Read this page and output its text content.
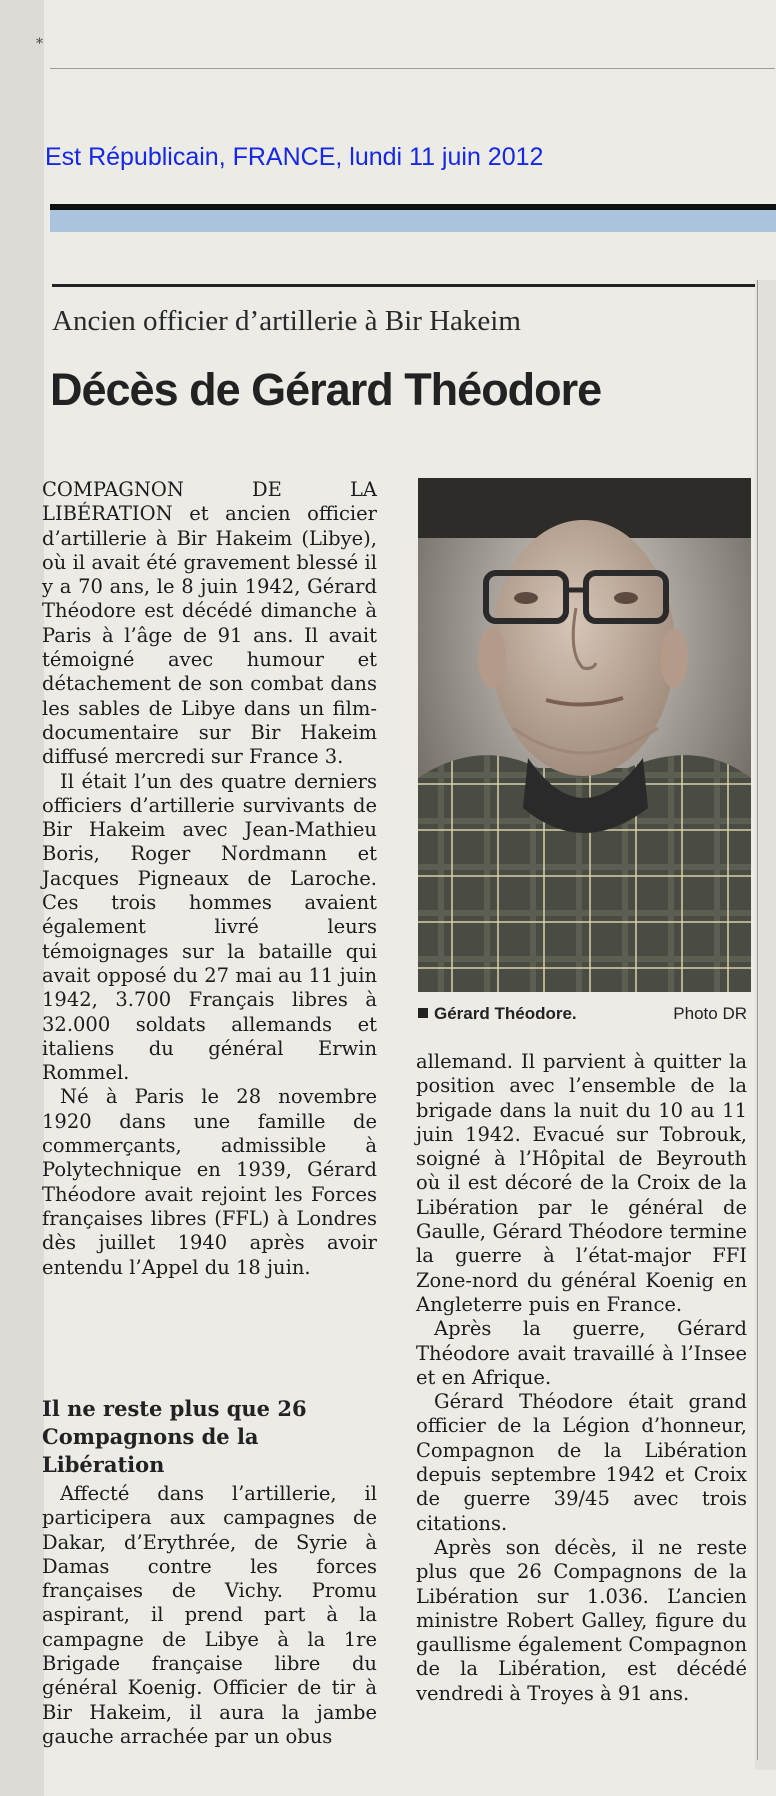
*
Est Républicain, FRANCE, lundi 11 juin 2012
Ancien officier d’artillerie à Bir Hakeim
Décès de Gérard Théodore

COMPAGNON DE LA LIBÉRATION et ancien officier d’artillerie à Bir Hakeim (Libye), où il avait été gravement blessé il y a 70 ans, le 8 juin 1942, Gérard Théodore est décédé dimanche à Paris à l’âge de 91 ans. Il avait témoigné avec humour et détachement de son combat dans les sables de Libye dans un film-documentaire sur Bir Hakeim diffusé mercredi sur France 3.

Il était l’un des quatre derniers officiers d’artillerie survivants de Bir Hakeim avec Jean-Mathieu Boris, Roger Nordmann et Jacques Pigneaux de Laroche. Ces trois hommes avaient également livré leurs témoignages sur la bataille qui avait opposé du 27 mai au 11 juin 1942, 3.700 Français libres à 32.000 soldats allemands et italiens du général Erwin Rommel.

Né à Paris le 28 novembre 1920 dans une famille de commerçants, admissible à Polytechnique en 1939, Gérard Théodore avait rejoint les Forces françaises libres (FFL) à Londres dès juillet 1940 après avoir entendu l’Appel du 18 juin.

Il ne reste plus que 26 Compagnons de la Libération

Affecté dans l’artillerie, il participera aux campagnes de Dakar, d’Erythrée, de Syrie à Damas contre les forces françaises de Vichy. Promu aspirant, il prend part à la campagne de Libye à la 1re Brigade française libre du général Koenig. Officier de tir à Bir Hakeim, il aura la jambe gauche arrachée par un obus

Gérard Théodore.	Photo DR

allemand. Il parvient à quitter la position avec l’ensemble de la brigade dans la nuit du 10 au 11 juin 1942. Evacué sur Tobrouk, soigné à l’Hôpital de Beyrouth où il est décoré de la Croix de la Libération par le général de Gaulle, Gérard Théodore termine la guerre à l’état-major FFI Zone-nord du général Koenig en Angleterre puis en France.

Après la guerre, Gérard Théodore avait travaillé à l’Insee et en Afrique.

Gérard Théodore était grand officier de la Légion d’honneur, Compagnon de la Libération depuis septembre 1942 et Croix de guerre 39/45 avec trois citations.

Après son décès, il ne reste plus que 26 Compagnons de la Libération sur 1.036. L’ancien ministre Robert Galley, figure du gaullisme également Compagnon de la Libération, est décédé vendredi à Troyes à 91 ans.
